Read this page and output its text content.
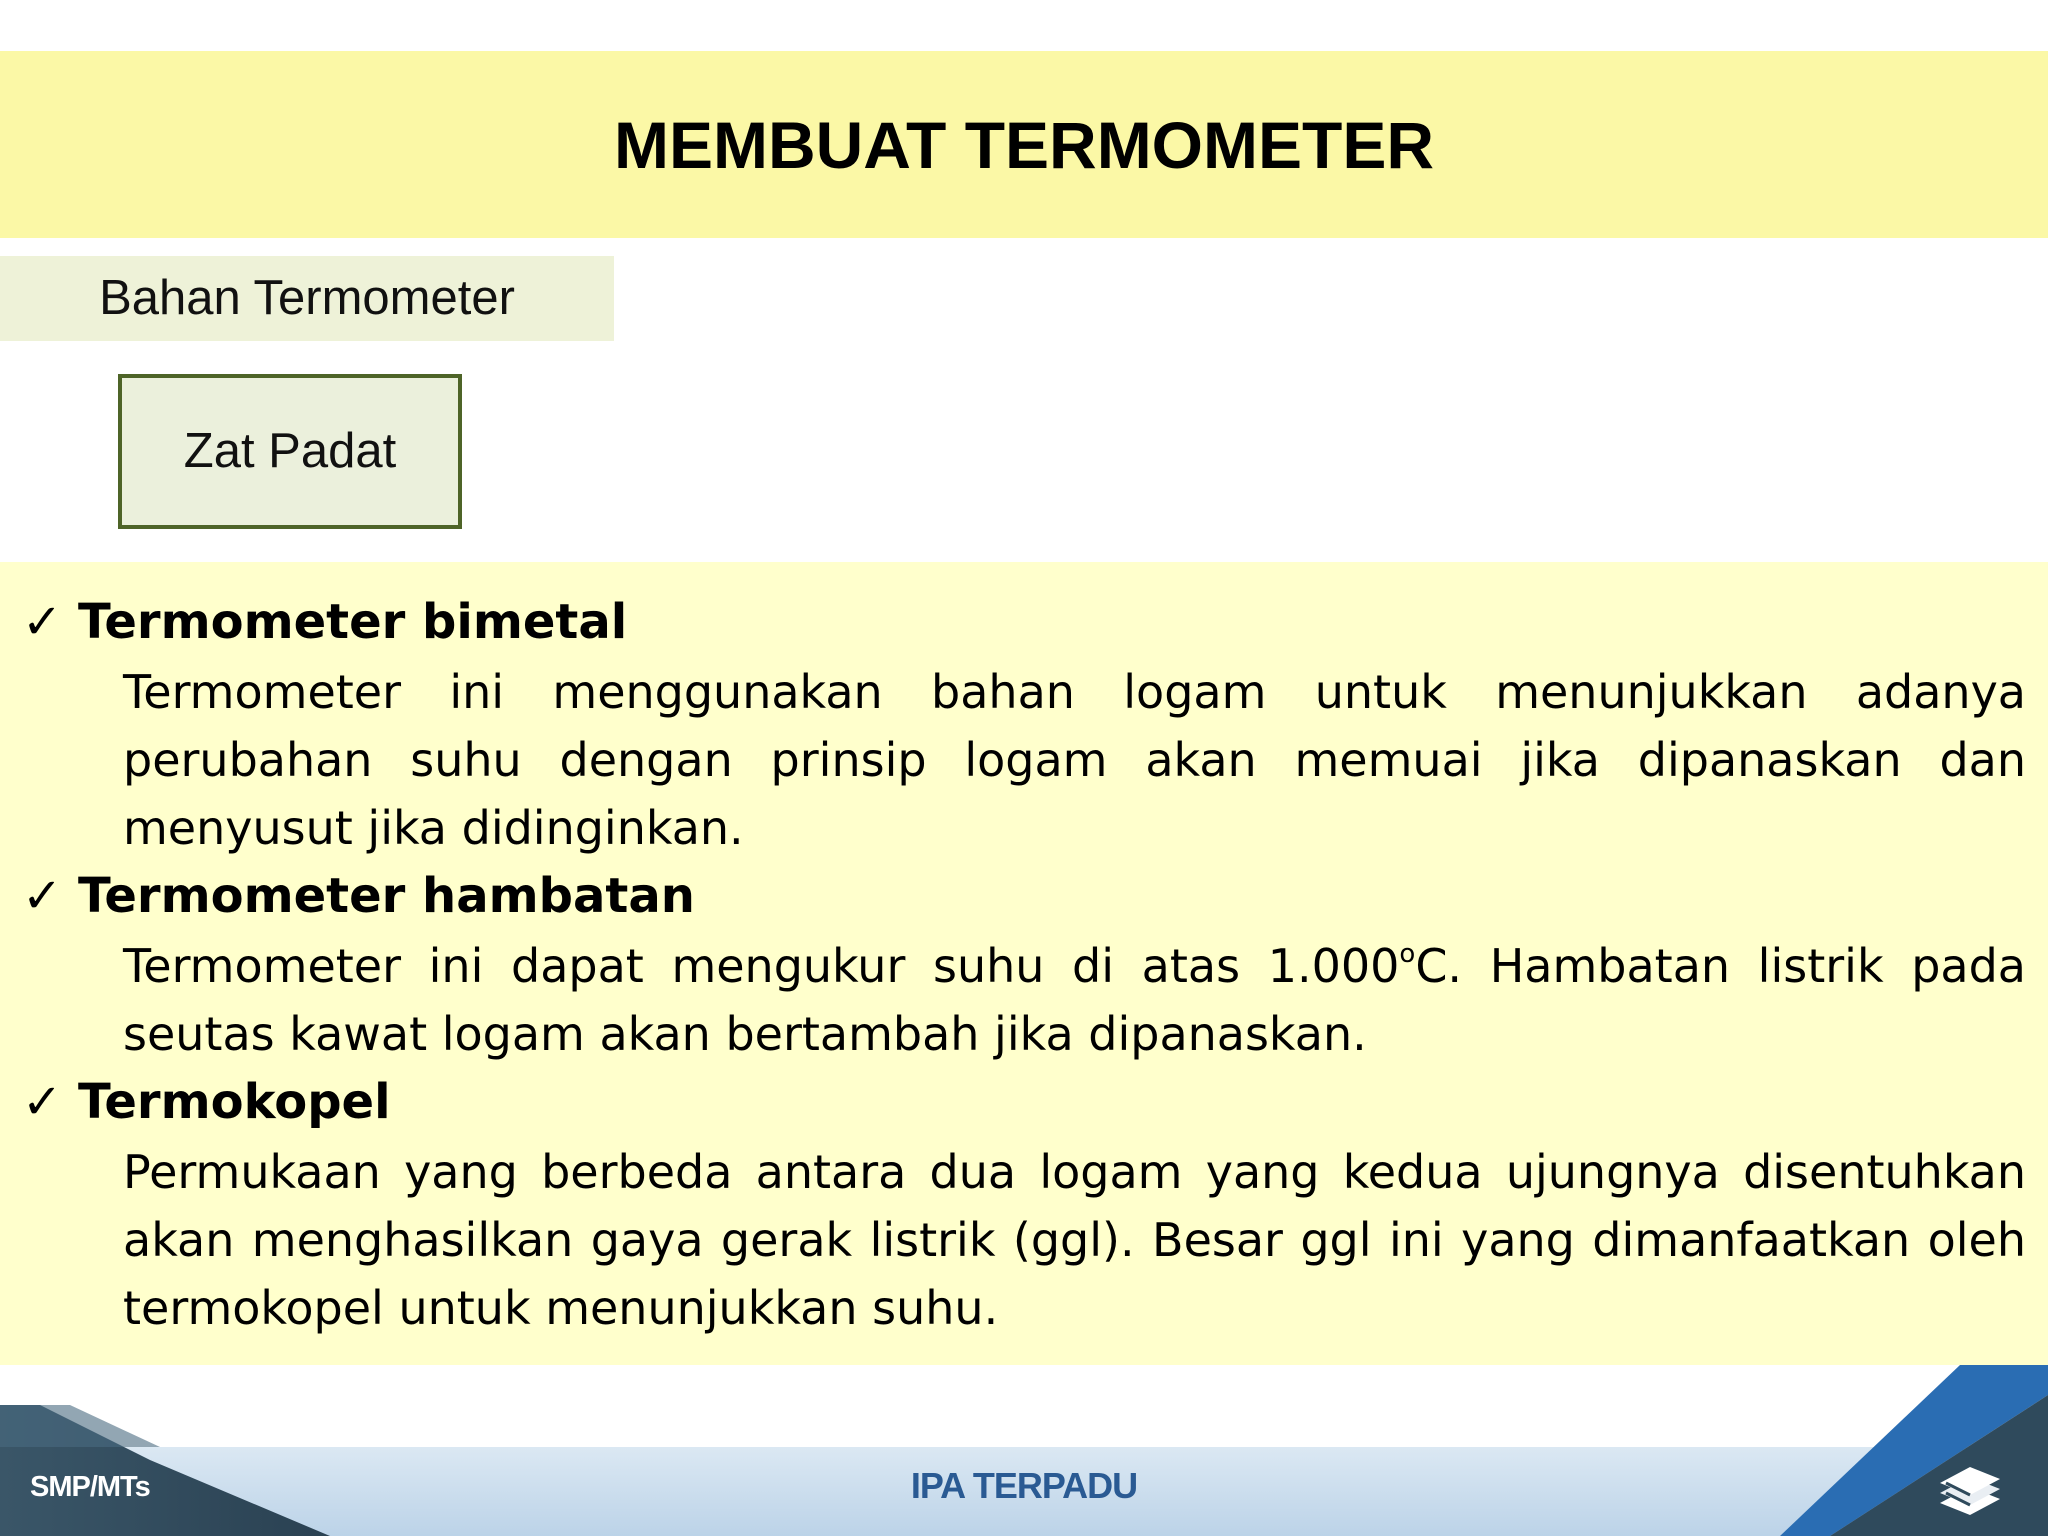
MEMBUAT TERMOMETER
Bahan Termometer
Zat Padat
✓ Termometer bimetal
Termometer ini menggunakan bahan logam untuk menunjukkan adanya perubahan suhu dengan prinsip logam akan memuai jika dipanaskan dan menyusut jika didinginkan.
✓ Termometer hambatan
Termometer ini dapat mengukur suhu di atas 1.000$^o$C. Hambatan listrik pada seutas kawat logam akan bertambah jika dipanaskan.
✓ Termokopel
Permukaan yang berbeda antara dua logam yang kedua ujungnya disentuhkan akan menghasilkan gaya gerak listrik (ggl). Besar ggl ini yang dimanfaatkan oleh termokopel untuk menunjukkan suhu.
SMP/MTs	IPA TERPADU
